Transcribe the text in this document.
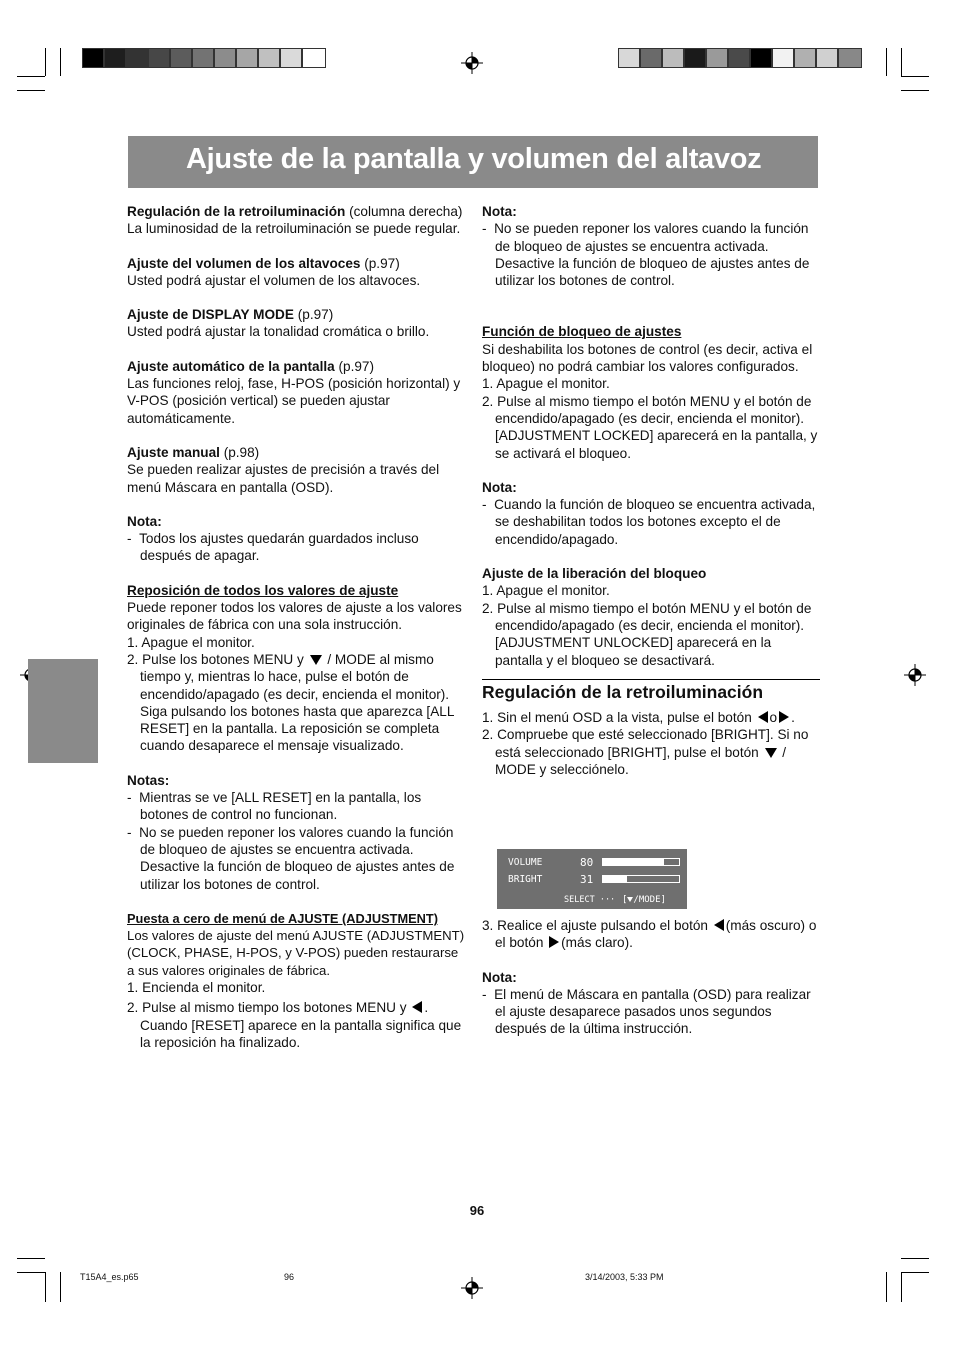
Ajuste de la pantalla y volumen del altavoz

Regulación de la retroiluminación (columna derecha)

La luminosidad de la retroiluminación se puede regular.

Ajuste del volumen de los altavoces (p.97)

Usted podrá ajustar el volumen de los altavoces.

Ajuste de DISPLAY MODE (p.97)

Usted podrá ajustar la tonalidad cromática o brillo.

Ajuste automático de la pantalla (p.97)

Las funciones reloj, fase, H-POS (posición horizontal) y V-POS (posición vertical) se pueden ajustar automáticamente.

Ajuste manual (p.98)

Se pueden realizar ajustes de precisión a través del menú Máscara en pantalla (OSD).

Nota:

-  Todos los ajustes quedarán guardados incluso después de apagar.

Reposición de todos los valores de ajuste

Puede reponer todos los valores de ajuste a los valores originales de fábrica con una sola instrucción.

1. Apague el monitor.

2. Pulse los botones MENU y / MODE al mismo tiempo y, mientras lo hace, pulse el botón de encendido/apagado (es decir, encienda el monitor).

Siga pulsando los botones hasta que aparezca [ALL RESET] en la pantalla. La reposición se completa cuando desaparece el mensaje visualizado.

Notas:

-  Mientras se ve [ALL RESET] en la pantalla, los botones de control no funcionan.

-  No se pueden reponer los valores cuando la función de bloqueo de ajustes se encuentra activada. Desactive la función de bloqueo de ajustes antes de utilizar los botones de control.

Puesta a cero de menú de AJUSTE (ADJUSTMENT)

Los valores de ajuste del menú AJUSTE (ADJUSTMENT) (CLOCK, PHASE, H-POS, y V-POS) pueden restaurarse a sus valores originales de fábrica.

1. Encienda el monitor.

2. Pulse al mismo tiempo los botones MENU y .

Cuando [RESET] aparece en la pantalla significa que la reposición ha finalizado.

Nota:

-  No se pueden reponer los valores cuando la función de bloqueo de ajustes se encuentra activada. Desactive la función de bloqueo de ajustes antes de utilizar los botones de control.

Función de bloqueo de ajustes

Si deshabilita los botones de control (es decir, activa el bloqueo) no podrá cambiar los valores configurados.

1. Apague el monitor.

2. Pulse al mismo tiempo el botón MENU y el botón de encendido/apagado (es decir, encienda el monitor).

[ADJUSTMENT LOCKED] aparecerá en la pantalla, y se activará el bloqueo.

Nota:

-  Cuando la función de bloqueo se encuentra activada, se deshabilitan todos los botones excepto el de encendido/apagado.

Ajuste de la liberación del bloqueo

1. Apague el monitor.

2. Pulse al mismo tiempo el botón MENU y el botón de encendido/apagado (es decir, encienda el monitor).

[ADJUSTMENT UNLOCKED] aparecerá en la pantalla y el bloqueo se desactivará.

Regulación de la retroiluminación

1. Sin el menú OSD a la vista, pulse el botón o .

2. Compruebe que esté seleccionado [BRIGHT]. Si no está seleccionado [BRIGHT], pulse el botón / MODE y selecciónelo.

VOLUME	80
BRIGHT	31
SELECT ··· [ /MODE]

3. Realice el ajuste pulsando el botón (más oscuro) o el botón (más claro).

Nota:

-  El menú de Máscara en pantalla (OSD) para realizar el ajuste desaparece pasados unos segundos después de la última instrucción.

96
T15A4_es.p65	96	3/14/2003, 5:33 PM
